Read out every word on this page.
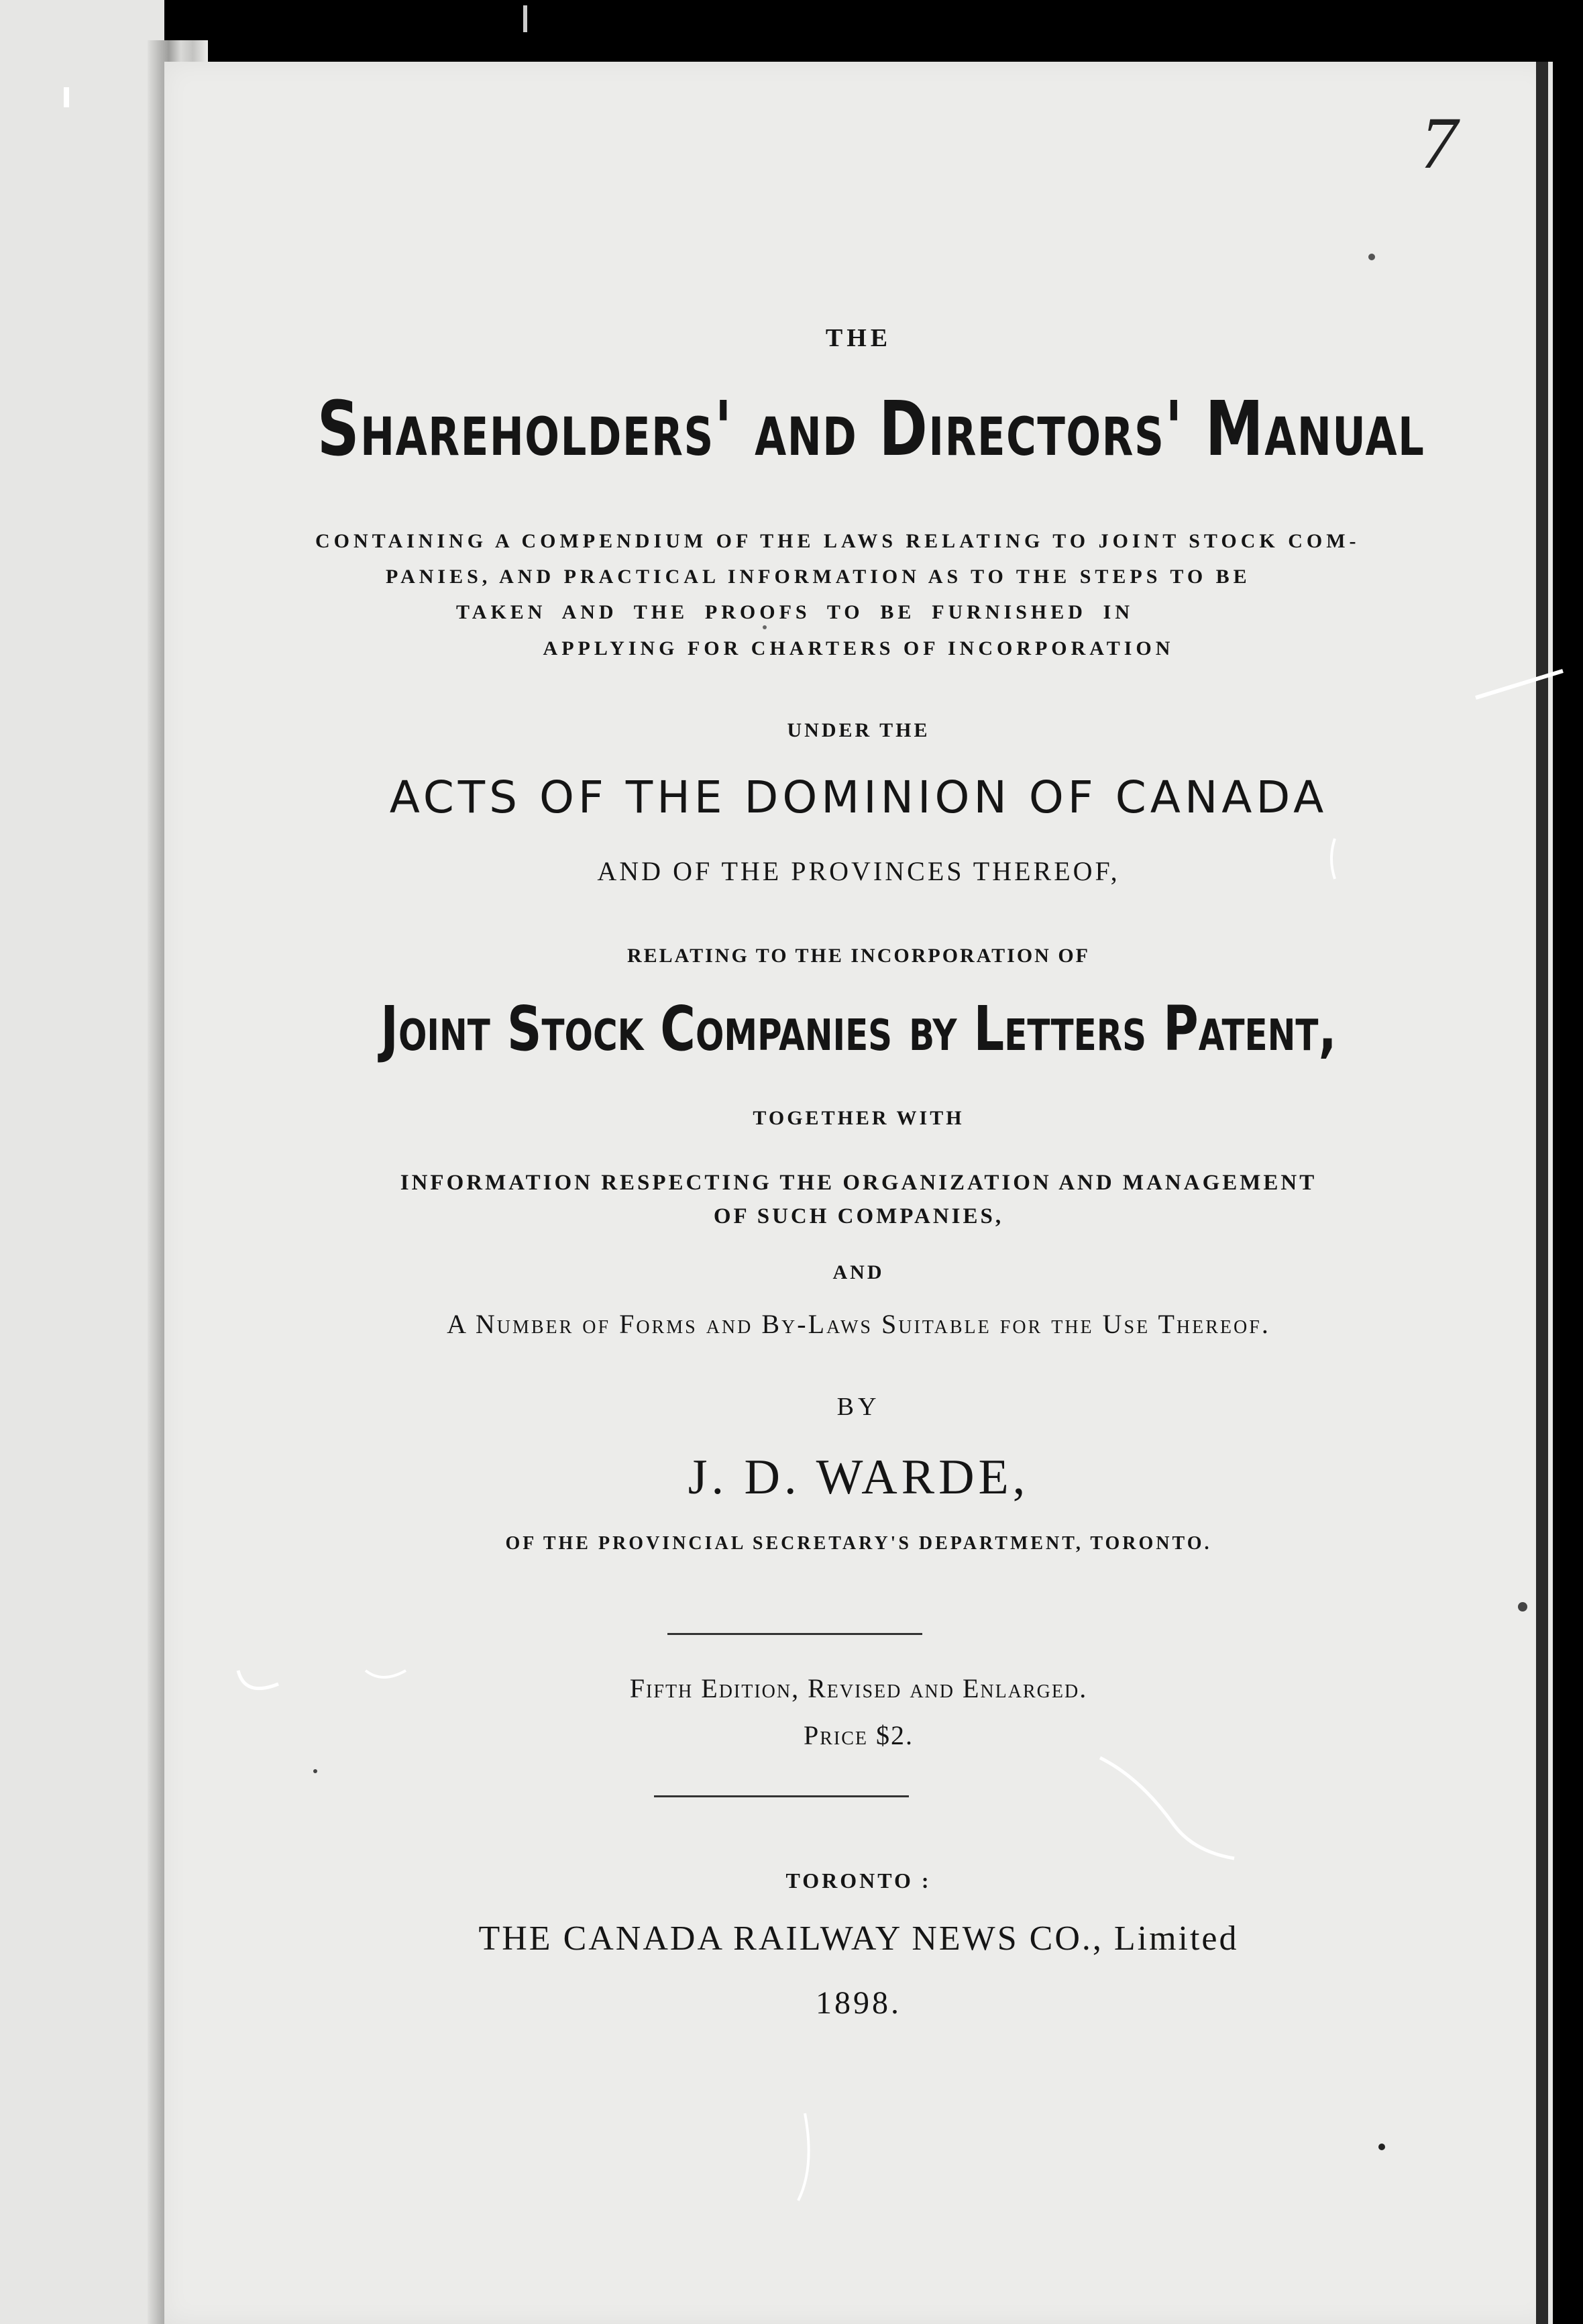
7
THE
Shareholders' and Directors' Manual
CONTAINING A COMPENDIUM OF THE LAWS RELATING TO JOINT STOCK COM-
PANIES, AND PRACTICAL INFORMATION AS TO THE STEPS TO BE
TAKEN AND THE PROOFS TO BE FURNISHED IN
APPLYING FOR CHARTERS OF INCORPORATION
UNDER THE
ACTS OF THE DOMINION OF CANADA
AND OF THE PROVINCES THEREOF,
RELATING TO THE INCORPORATION OF
Joint Stock Companies by Letters Patent,
TOGETHER WITH
INFORMATION RESPECTING THE ORGANIZATION AND MANAGEMENT
OF SUCH COMPANIES,
AND
A Number of Forms and By-Laws Suitable for the Use Thereof.
BY
J. D. WARDE,
OF THE PROVINCIAL SECRETARY'S DEPARTMENT, TORONTO.
Fifth Edition, Revised and Enlarged.
Price $2.
TORONTO :
THE CANADA RAILWAY NEWS CO., Limited
1898.
